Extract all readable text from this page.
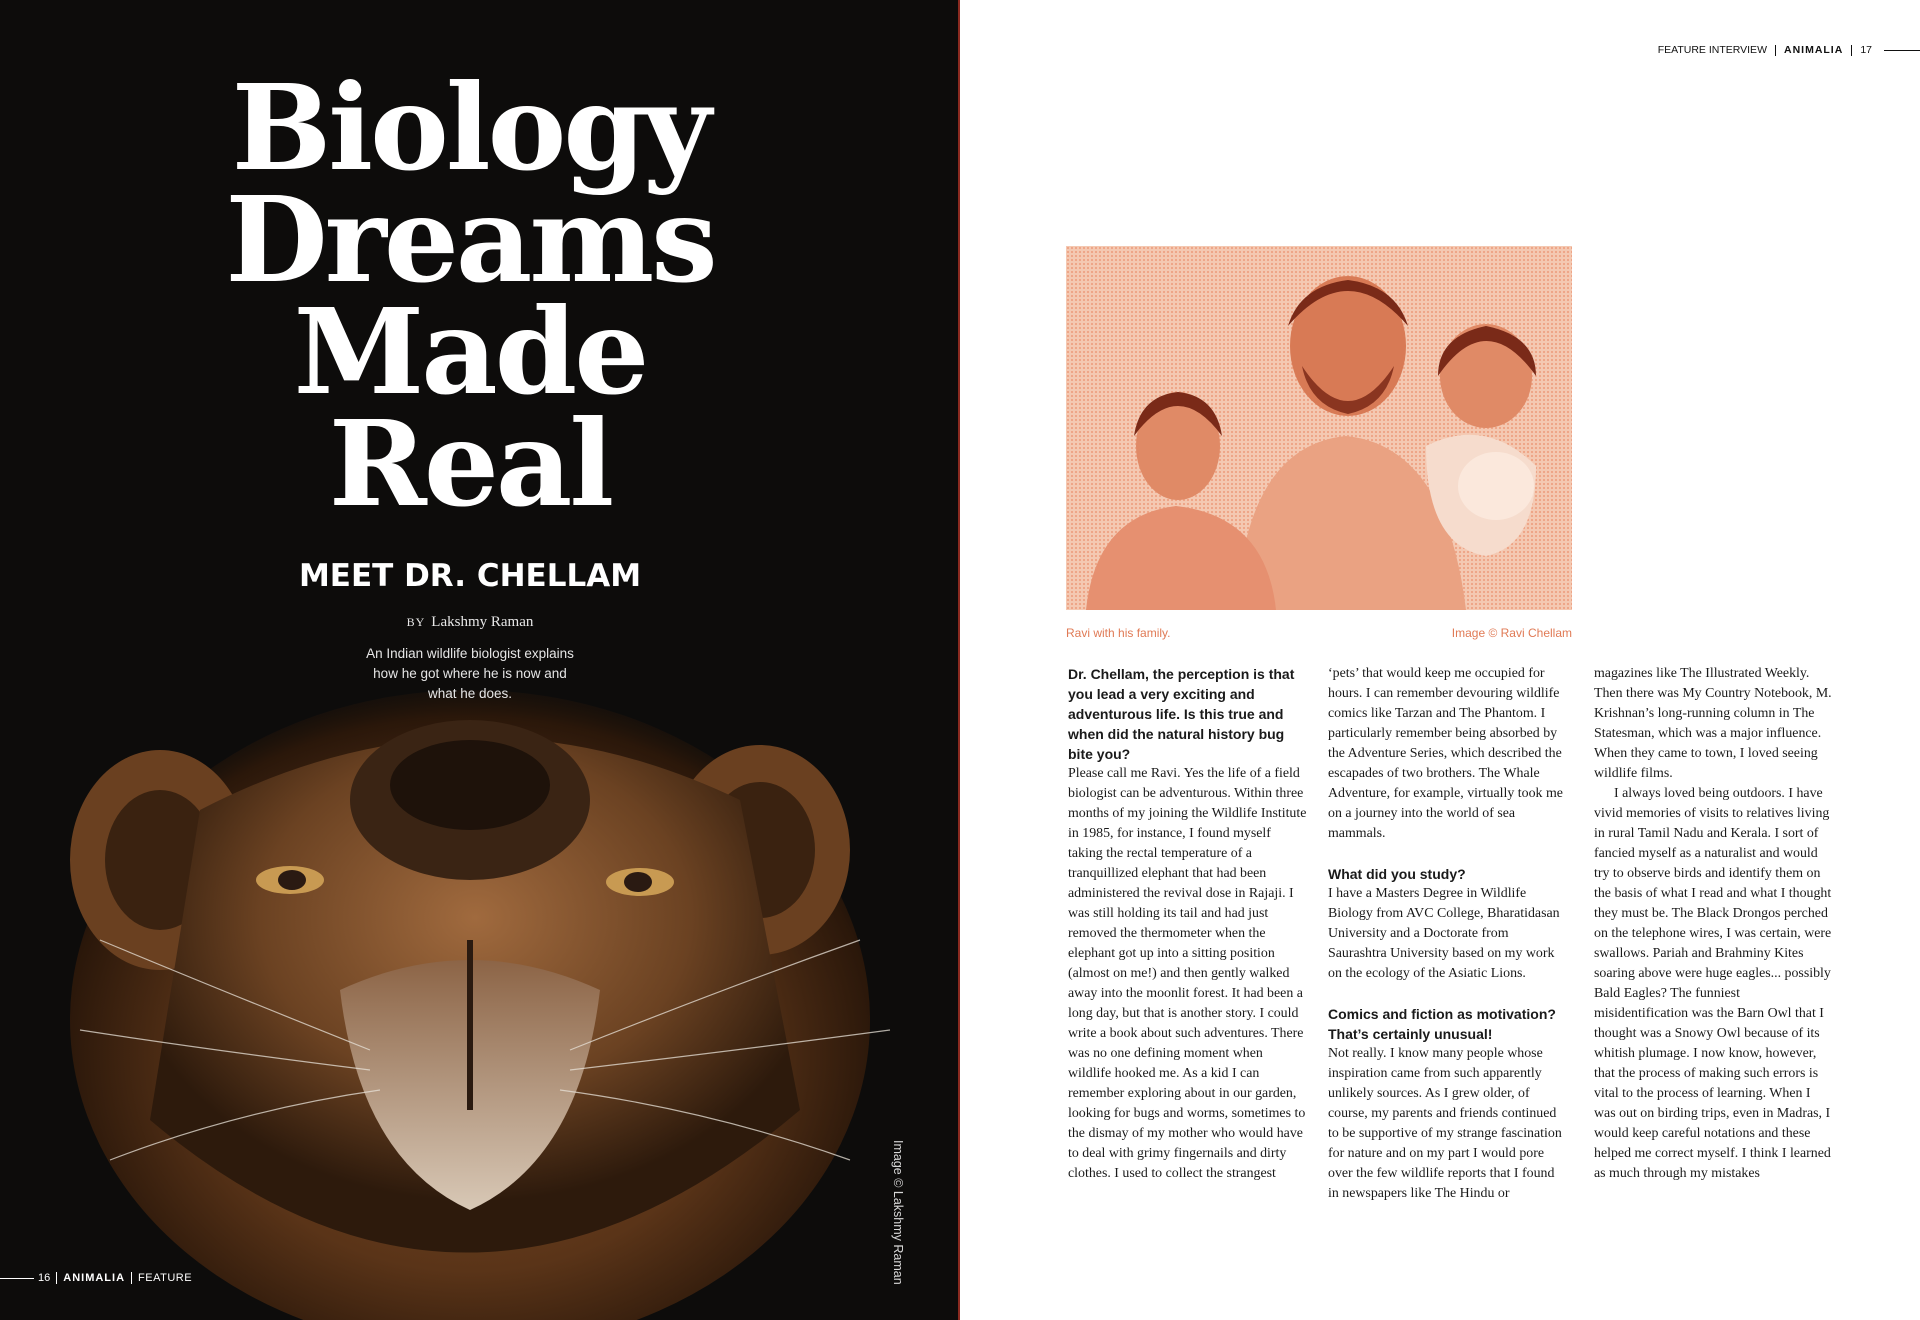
Biology
Dreams
Made
Real
MEET DR. CHELLAM
BY Lakshmy Raman
An Indian wildlife biologist explains how he got where he is now and what he does.
Image © Lakshmy Raman
16	ANIMALIA	FEATURE
FEATURE INTERVIEW ANIMALIA 17
Ravi with his family.	Image © Ravi Chellam

Dr. Chellam, the perception is that you lead a very exciting and adventurous life. Is this true and when did the natural history bug bite you?

Please call me Ravi. Yes the life of a field biologist can be adventurous. Within three months of my joining the Wildlife Institute in 1985, for instance, I found myself taking the rectal temperature of a tranquillized elephant that had been administered the revival dose in Rajaji. I was still holding its tail and had just removed the thermometer when the elephant got up into a sitting position (almost on me!) and then gently walked away into the moonlit forest. It had been a long day, but that is another story. I could write a book about such adventures. There was no one defining moment when wildlife hooked me. As a kid I can remember exploring about in our garden, looking for bugs and worms, sometimes to the dismay of my mother who would have to deal with grimy fingernails and dirty clothes. I used to collect the strangest

‘pets’ that would keep me occupied for hours. I can remember devouring wildlife comics like Tarzan and The Phantom. I particularly remember being absorbed by the Adventure Series, which described the escapades of two brothers. The Whale Adventure, for example, virtually took me on a journey into the world of sea mammals.

What did you study?

I have a Masters Degree in Wildlife Biology from AVC College, Bharatidasan University and a Doctorate from Saurashtra University based on my work on the ecology of the Asiatic Lions.

Comics and fiction as motivation? That’s certainly unusual!

Not really. I know many people whose inspiration came from such apparently unlikely sources. As I grew older, of course, my parents and friends continued to be supportive of my strange fascination for nature and on my part I would pore over the few wildlife reports that I found in newspapers like The Hindu or

magazines like The Illustrated Weekly. Then there was My Country Notebook, M. Krishnan’s long-running column in The Statesman, which was a major influence. When they came to town, I loved seeing wildlife films.

I always loved being outdoors. I have vivid memories of visits to relatives living in rural Tamil Nadu and Kerala. I sort of fancied myself as a naturalist and would try to observe birds and identify them on the basis of what I read and what I thought they must be. The Black Drongos perched on the telephone wires, I was certain, were swallows. Pariah and Brahminy Kites soaring above were huge eagles... possibly Bald Eagles? The funniest misidentification was the Barn Owl that I thought was a Snowy Owl because of its whitish plumage. I now know, however, that the process of making such errors is vital to the process of learning. When I was out on birding trips, even in Madras, I would keep careful notations and these helped me correct myself. I think I learned as much through my mistakes
